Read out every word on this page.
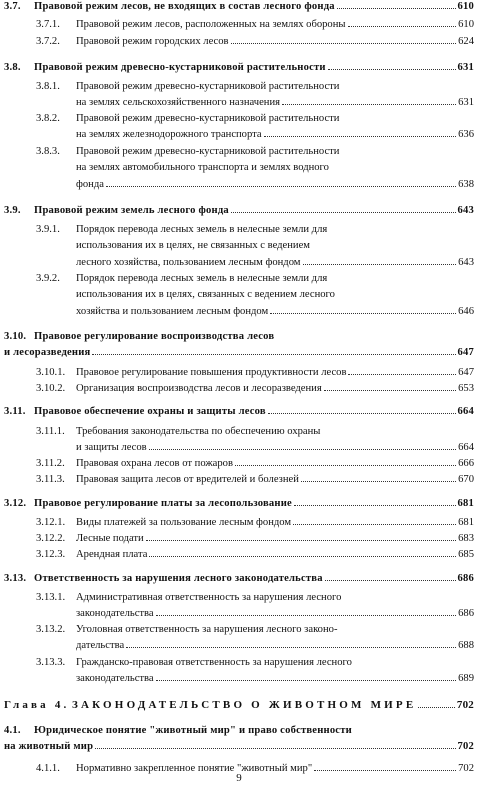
3.7. Правовой режим лесов, не входящих в состав лесного фонда	610
3.7.1. Правовой режим лесов, расположенных на землях обороны	610
3.7.2. Правовой режим городских лесов	624
3.8. Правовой режим древесно-кустарниковой растительности	631
3.8.1. Правовой режим древесно-кустарниковой растительности
на землях сельскохозяйственного назначения	631
3.8.2. Правовой режим древесно-кустарниковой растительности
на землях железнодорожного транспорта	636
3.8.3. Правовой режим древесно-кустарниковой растительности
на землях автомобильного транспорта и землях водного
фонда	638
3.9. Правовой режим земель лесного фонда	643
3.9.1. Порядок перевода лесных земель в нелесные земли для
использования их в целях, не связанных с ведением
лесного хозяйства, пользованием лесным фондом	643
3.9.2. Порядок перевода лесных земель в нелесные земли для
использования их в целях, связанных с ведением лесного
хозяйства и пользованием лесным фондом	646
3.10. Правовое регулирование воспроизводства лесов
и лесоразведения	647
3.10.1. Правовое регулирование повышения продуктивности лесов	647
3.10.2. Организация воспроизводства лесов и лесоразведения	653
3.11. Правовое обеспечение охраны и защиты лесов	664
3.11.1. Требования законодательства по обеспечению охраны
и защиты лесов	664
3.11.2. Правовая охрана лесов от пожаров	666
3.11.3. Правовая защита лесов от вредителей и болезней	670
3.12. Правовое регулирование платы за лесопользование	681
3.12.1. Виды платежей за пользование лесным фондом	681
3.12.2. Лесные подати	683
3.12.3. Арендная плата	685
3.13. Ответственность за нарушения лесного законодательства	686
3.13.1. Административная ответственность за нарушения лесного
законодательства	686
3.13.2. Уголовная ответственность за нарушения лесного законо-
дательства	688
3.13.3. Гражданско-правовая ответственность за нарушения лесного
законодательства	689
Глава 4. ЗАКОНОДАТЕЛЬСТВО О ЖИВОТНОМ МИРЕ	702
4.1. Юридическое понятие "животный мир" и право собственности
на животный мир	702
4.1.1. Нормативно закрепленное понятие "животный мир"	702
9
